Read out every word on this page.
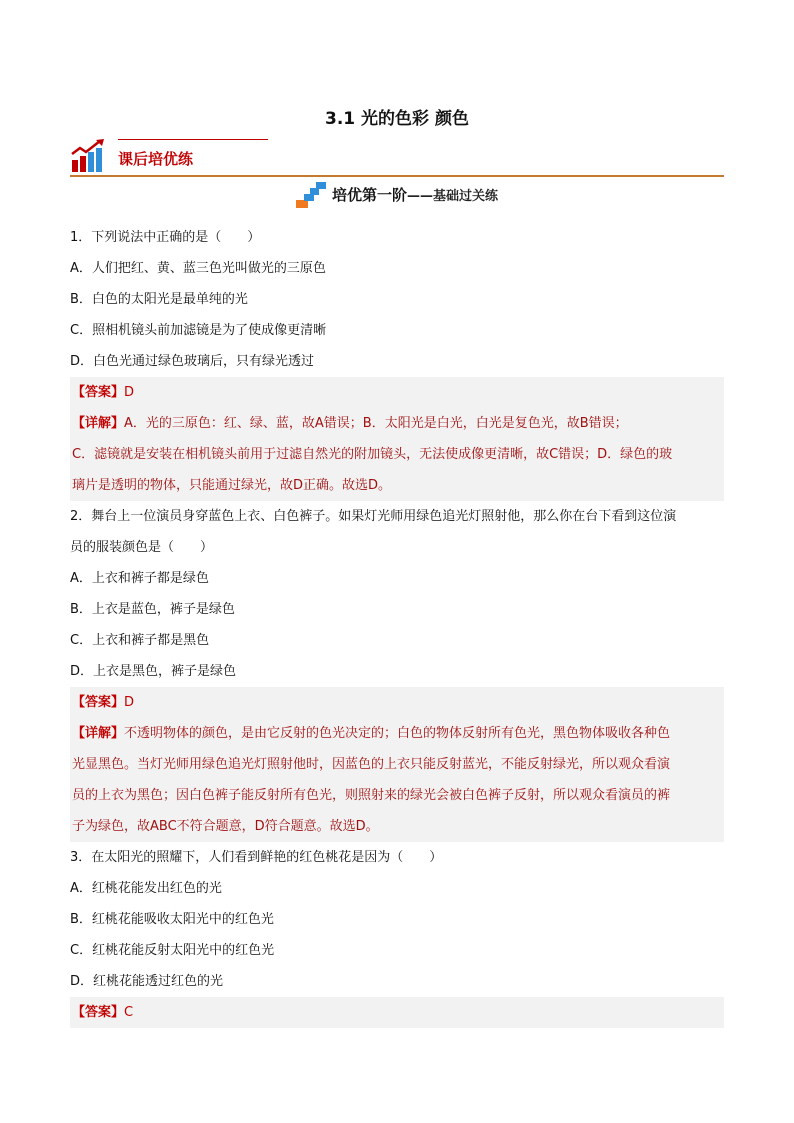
3.1 光的色彩 颜色
课后培优练
培优第一阶——基础过关练
1．下列说法中正确的是（　　）
A．人们把红、黄、蓝三色光叫做光的三原色
B．白色的太阳光是最单纯的光
C．照相机镜头前加滤镜是为了使成像更清晰
D．白色光通过绿色玻璃后，只有绿光透过
【答案】D
【详解】A．光的三原色：红、绿、蓝，故A错误；B．太阳光是白光，白光是复色光，故B错误；
C．滤镜就是安装在相机镜头前用于过滤自然光的附加镜头，无法使成像更清晰，故C错误；D．绿色的玻
璃片是透明的物体，只能通过绿光，故D正确。故选D。
2．舞台上一位演员身穿蓝色上衣、白色裤子。如果灯光师用绿色追光灯照射他，那么你在台下看到这位演
员的服装颜色是（　　）
A．上衣和裤子都是绿色
B．上衣是蓝色，裤子是绿色
C．上衣和裤子都是黑色
D．上衣是黑色，裤子是绿色
【答案】D
【详解】不透明物体的颜色，是由它反射的色光决定的；白色的物体反射所有色光，黑色物体吸收各种色
光显黑色。当灯光师用绿色追光灯照射他时，因蓝色的上衣只能反射蓝光，不能反射绿光，所以观众看演
员的上衣为黑色；因白色裤子能反射所有色光，则照射来的绿光会被白色裤子反射，所以观众看演员的裤
子为绿色，故ABC不符合题意，D符合题意。故选D。
3．在太阳光的照耀下，人们看到鲜艳的红色桃花是因为（　　）
A．红桃花能发出红色的光
B．红桃花能吸收太阳光中的红色光
C．红桃花能反射太阳光中的红色光
D．红桃花能透过红色的光
【答案】C
